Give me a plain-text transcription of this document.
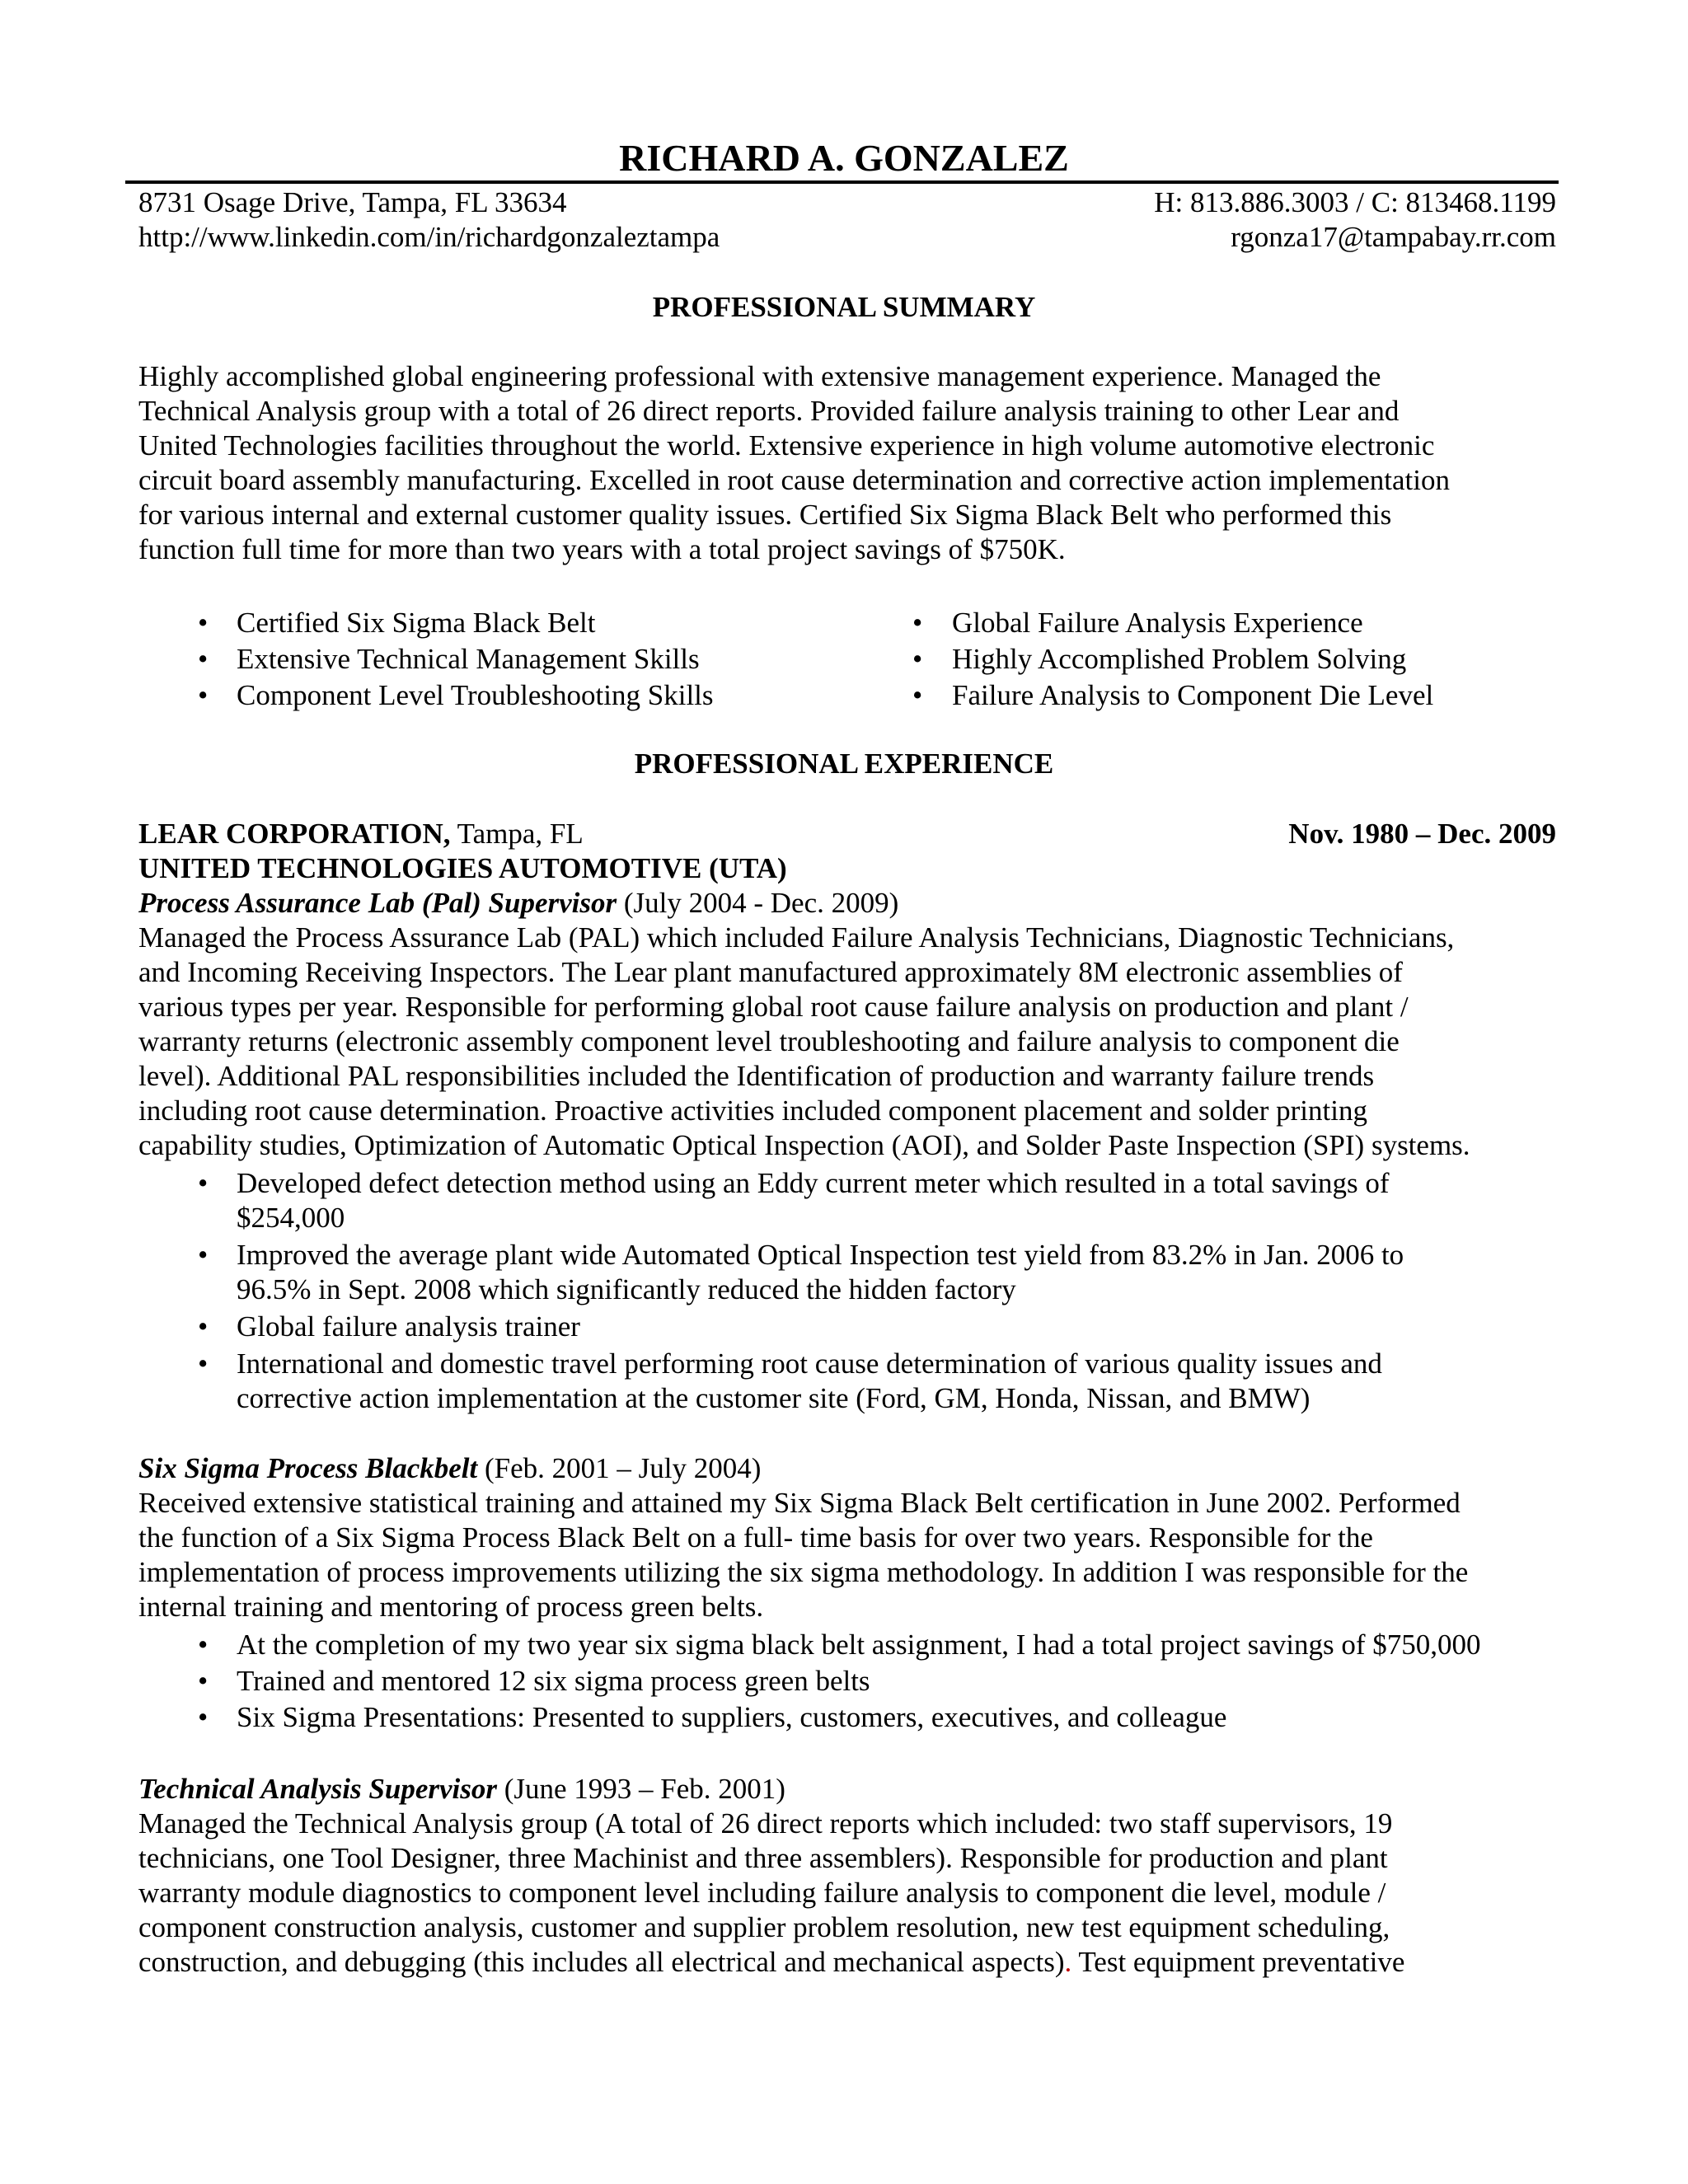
RICHARD A. GONZALEZ
8731 Osage Drive, Tampa, FL 33634	H: 813.886.3003 / C: 813468.1199
http://www.linkedin.com/in/richardgonzaleztampa	rgonza17@tampabay.rr.com
PROFESSIONAL SUMMARY
Highly accomplished global engineering professional with extensive management experience. Managed the
Technical Analysis group with a total of 26 direct reports. Provided failure analysis training to other Lear and
United Technologies facilities throughout the world. Extensive experience in high volume automotive electronic
circuit board assembly manufacturing. Excelled in root cause determination and corrective action implementation
for various internal and external customer quality issues. Certified Six Sigma Black Belt who performed this
function full time for more than two years with a total project savings of $750K.
• Certified Six Sigma Black Belt
• Extensive Technical Management Skills
• Component Level Troubleshooting Skills
• Global Failure Analysis Experience
• Highly Accomplished Problem Solving
• Failure Analysis to Component Die Level
PROFESSIONAL EXPERIENCE
LEAR CORPORATION, Tampa, FL	Nov. 1980 – Dec. 2009
UNITED TECHNOLOGIES AUTOMOTIVE (UTA)
Process Assurance Lab (Pal) Supervisor (July 2004 - Dec. 2009)
Managed the Process Assurance Lab (PAL) which included Failure Analysis Technicians, Diagnostic Technicians,
and Incoming Receiving Inspectors. The Lear plant manufactured approximately 8M electronic assemblies of
various types per year. Responsible for performing global root cause failure analysis on production and plant /
warranty returns (electronic assembly component level troubleshooting and failure analysis to component die
level). Additional PAL responsibilities included the Identification of production and warranty failure trends
including root cause determination. Proactive activities included component placement and solder printing
capability studies, Optimization of Automatic Optical Inspection (AOI), and Solder Paste Inspection (SPI) systems.
• Developed defect detection method using an Eddy current meter which resulted in a total savings of
$254,000
• Improved the average plant wide Automated Optical Inspection test yield from 83.2% in Jan. 2006 to
96.5% in Sept. 2008 which significantly reduced the hidden factory
• Global failure analysis trainer
• International and domestic travel performing root cause determination of various quality issues and
corrective action implementation at the customer site (Ford, GM, Honda, Nissan, and BMW)
Six Sigma Process Blackbelt (Feb. 2001 – July 2004)
Received extensive statistical training and attained my Six Sigma Black Belt certification in June 2002. Performed
the function of a Six Sigma Process Black Belt on a full- time basis for over two years. Responsible for the
implementation of process improvements utilizing the six sigma methodology. In addition I was responsible for the
internal training and mentoring of process green belts.
• At the completion of my two year six sigma black belt assignment, I had a total project savings of $750,000
• Trained and mentored 12 six sigma process green belts
• Six Sigma Presentations: Presented to suppliers, customers, executives, and colleague
Technical Analysis Supervisor (June 1993 – Feb. 2001)
Managed the Technical Analysis group (A total of 26 direct reports which included: two staff supervisors, 19
technicians, one Tool Designer, three Machinist and three assemblers). Responsible for production and plant
warranty module diagnostics to component level including failure analysis to component die level, module /
component construction analysis, customer and supplier problem resolution, new test equipment scheduling,
construction, and debugging (this includes all electrical and mechanical aspects). Test equipment preventative
